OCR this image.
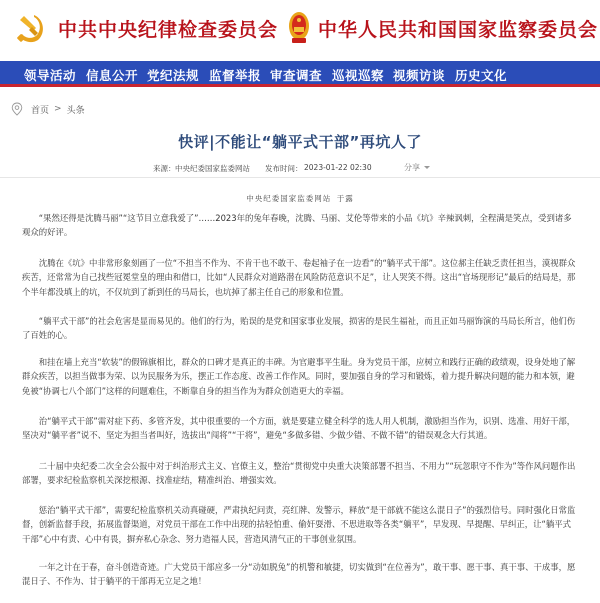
中共中央纪律检查委员会 中华人民共和国国家监察委员会
领导活动 信息公开 党纪法规 监督举报 审查调查 巡视巡察 视频访谈 历史文化
首页 > 头条
快评|不能让“躺平式干部”再坑人了
来源： 中央纪委国家监委网站 发布时间： 2023-01-22 02:30	分享
中央纪委国家监委网站 于露

“果然还得是沈腾马丽”“这节目立意我爱了”……2023年的兔年春晚，沈腾、马丽、艾伦等带来的小品《坑》辛辣讽刺，全程满是笑点，受到诸多观众的好评。

沈腾在《坑》中非常形象刻画了一位“不担当不作为、不肯干也不敢干、卷起袖子在一边看”的“躺平式干部”。这位郝主任缺乏责任担当，漠视群众疾苦，还常常为自己找些冠冕堂皇的理由和借口，比如“人民群众对道路潜在风险防范意识不足”，让人哭笑不得。这出“官场现形记”最后的结局是，那个半年都没填上的坑，不仅坑到了新到任的马局长，也坑掉了郝主任自己的形象和位置。

“躺平式干部”的社会危害是显而易见的。他们的行为，贻误的是党和国家事业发展，损害的是民生福祉，而且正如马丽饰演的马局长所言，他们伤了百姓的心。

和挂在墙上充当“软装”的假锦旗相比，群众的口碑才是真正的丰碑。为官避事平生耻。身为党员干部，应树立和践行正确的政绩观，设身处地了解群众疾苦，以担当做事为荣、以为民服务为乐，摆正工作态度、改善工作作风。同时，要加强自身的学习和锻炼，着力提升解决问题的能力和本领，避免被“协调七八个部门”这样的问题难住，不断靠自身的担当作为为群众创造更大的幸福。

治“躺平式干部”需对症下药、多管齐发，其中很重要的一个方面，就是要建立健全科学的选人用人机制，激励担当作为，识别、选准、用好干部，坚决对“躺平者”说不、坚定为担当者叫好，选拔出“闯将”“干将”，避免“多做多错、少做少错、不做不错”的错误观念大行其道。

二十届中央纪委二次全会公报中对于纠治形式主义、官僚主义，整治“贯彻党中央重大决策部署不担当、不用力”“玩忽职守不作为”等作风问题作出部署，要求纪检监察机关深挖根源、找准症结，精准纠治、增强实效。

惩治“躺平式干部”，需要纪检监察机关动真碰硬，严肃执纪问责，亮红牌、发警示，释放“是干部就不能这么混日子”的强烈信号。同时强化日常监督，创新监督手段，拓展监督渠道，对党员干部在工作中出现的拈轻怕重、偷奸耍滑、不思进取等各类“躺平”，早发现、早提醒、早纠正，让“躺平式干部”心中有责、心中有畏，摒弃私心杂念、努力造福人民，营造风清气正的干事创业氛围。

一年之计在于春，奋斗创造奇迹。广大党员干部应多一分“动如脱兔”的机警和敏捷，切实做到“在位善为”，敢干事、愿干事、真干事、干成事，愿混日子、不作为、甘于躺平的干部再无立足之地！
